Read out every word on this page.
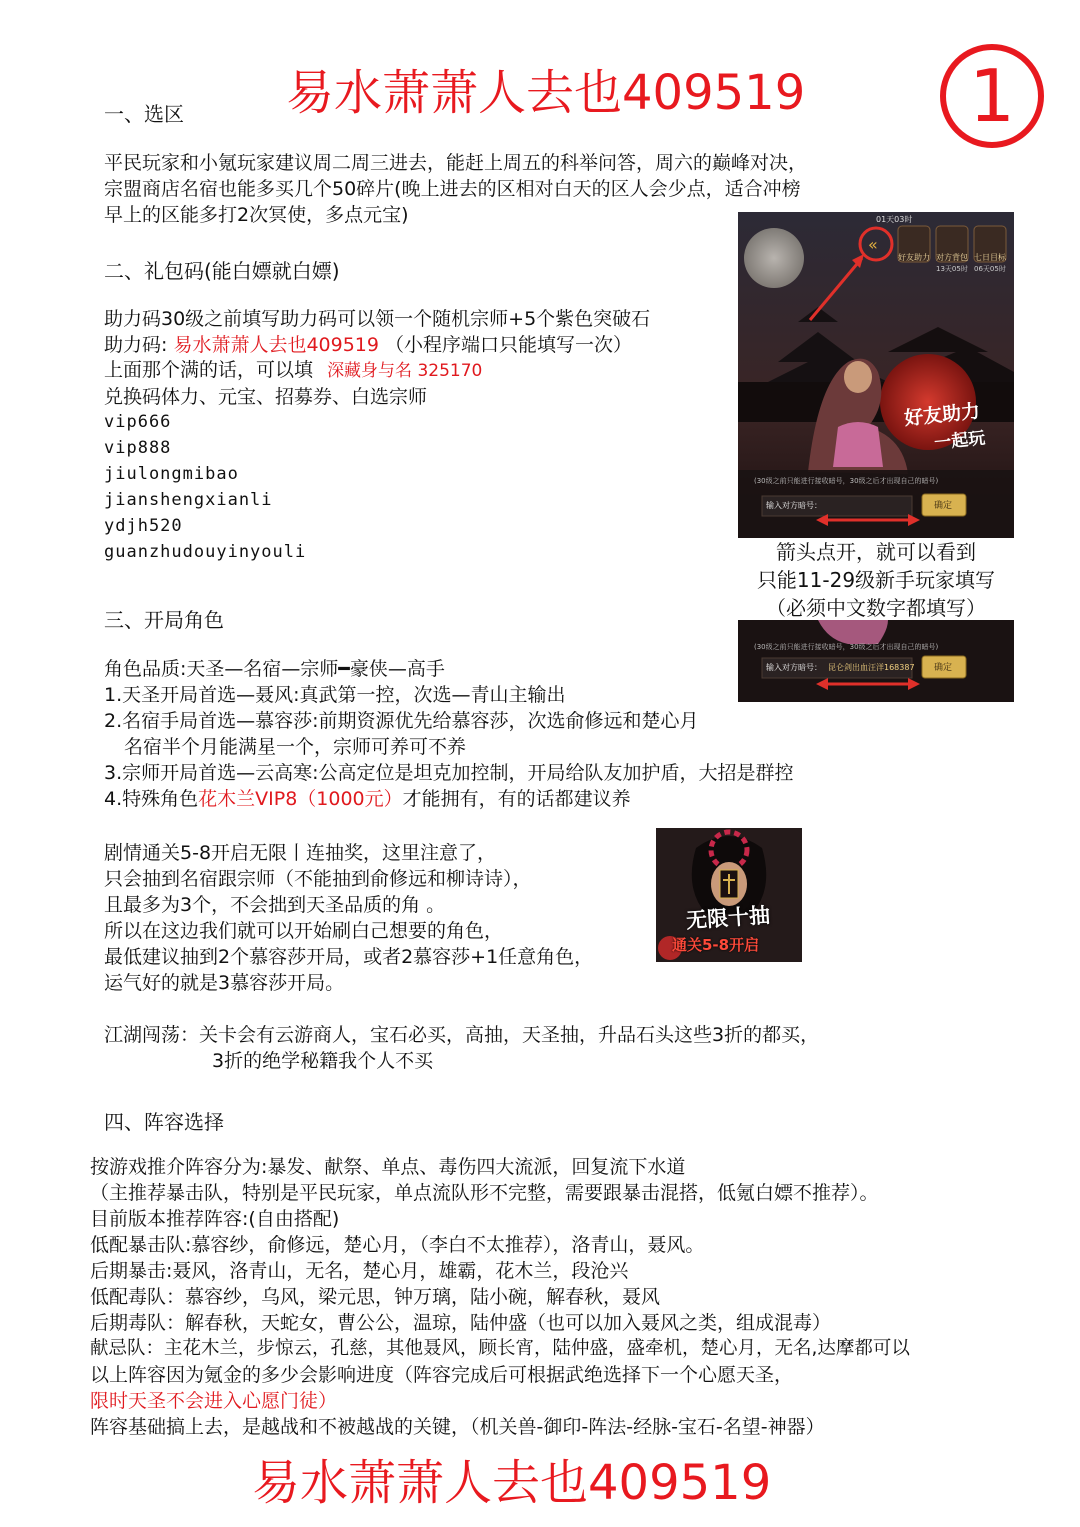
易水萧萧人去也409519	1
一、选区
平民玩家和小氪玩家建议周二周三进去，能赶上周五的科举问答，周六的巅峰对决，
宗盟商店名宿也能多买几个50碎片(晚上进去的区相对白天的区人会少点，适合冲榜
早上的区能多打2次冥使，多点元宝)
二、礼包码(能白嫖就白嫖)
助力码30级之前填写助力码可以领一个随机宗师+5个紫色突破石
助力码: 易水萧萧人去也409519 （小程序端口只能填写一次）
上面那个满的话，可以填 深藏身与名 325170
兑换码体力、元宝、招募券、白选宗师
vip666
vip888
jiulongmibao
jianshengxianli
ydjh520
guanzhudouyinyouli
«
01天03时
好友助力 对方背包 七日目标
13天05时 06天05时
好友助力
一起玩
(30级之前只能进行接收暗号，30级之后才出现自己的暗号)
输入对方暗号：	确定
箭头点开，就可以看到
只能11-29级新手玩家填写
（必须中文数字都填写）
(30级之前只能进行接收暗号，30级之后才出现自己的暗号)
输入对方暗号： 昆仑剑出血汪洋168387 确定
三、开局角色
角色品质:天圣—名宿—宗师━豪侠—高手
1.天圣开局首选—聂风:真武第一控，次选—青山主输出
2.名宿手局首选—慕容莎:前期资源优先给慕容莎，次选俞修远和楚心月
名宿半个月能满星一个，宗师可养可不养
3.宗师开局首选—云高寒:公高定位是坦克加控制，开局给队友加护盾，大招是群控
4.特殊角色花木兰VIP8（1000元）才能拥有，有的话都建议养
剧情通关5-8开启无限丨连抽奖，这里注意了，
只会抽到名宿跟宗师（不能抽到俞修远和柳诗诗），
且最多为3个，不会拙到天圣品质的角 。
所以在这边我们就可以开始刷白己想要的角色，
最低建议抽到2个慕容莎开局，或者2慕容莎+1任意角色，
运气好的就是3慕容莎开局。
无限十抽
通关5-8开启
江湖闯荡：关卡会有云游商人，宝石必买，高抽，天圣抽，升品石头这些3折的都买，
3折的绝学秘籍我个人不买
四、阵容选择
按游戏推介阵容分为:暴发、献祭、单点、毒伤四大流派，回复流下水道
（主推荐暴击队，特别是平民玩家，单点流队形不完整，需要跟暴击混搭，低氪白嫖不推荐）。
目前版本推荐阵容:(自由搭配)
低配暴击队:慕容纱，俞修远，楚心月，（李白不太推荐），洛青山，聂风。
后期暴击:聂风，洛青山，无名，楚心月，雄霸，花木兰，段沧兴
低配毒队：慕容纱，乌风，梁元思，钟万璃，陆小碗，解春秋，聂风
后期毒队：解春秋，天蛇女，曹公公，温琼，陆仲盛（也可以加入聂风之类，组成混毒）
献忌队：主花木兰，步惊云，孔慈，其他聂风，顾长宵，陆仲盛，盛牵机，楚心月，无名,达摩都可以
以上阵容因为氪金的多少会影响进度（阵容完成后可根据武绝选择下一个心愿天圣，
限时天圣不会进入心愿门徒）
阵容基础搞上去，是越战和不被越战的关键，（机关兽-御印-阵法-经脉-宝石-名望-神器）
易水萧萧人去也409519
